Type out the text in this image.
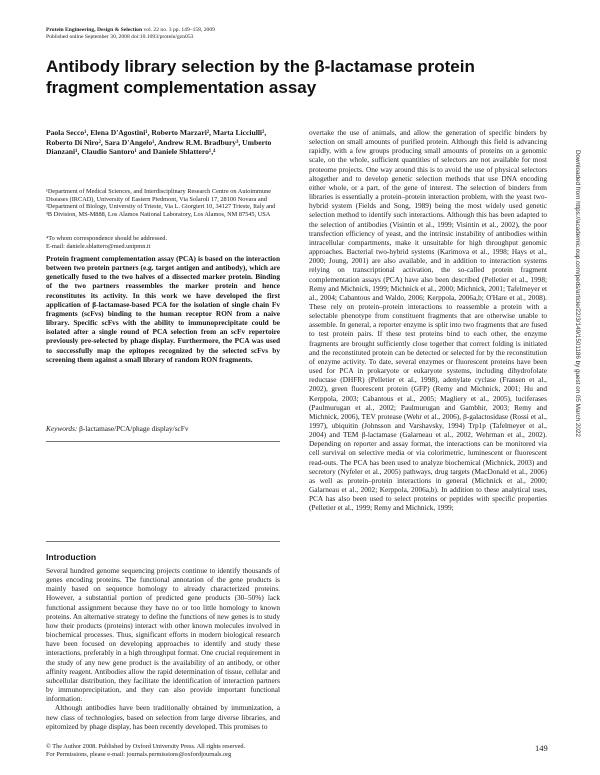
Protein Engineering, Design & Selection vol. 22 no. 3 pp. 149–158, 2009
Published online September 30, 2008 doi:10.1093/protein/gzn053
Antibody library selection by the β-lactamase protein fragment complementation assay
Paola Secco¹, Elena D'Agostini¹, Roberto Marzari², Marta Licciulli², Roberto Di Niro², Sara D'Angelo¹, Andrew R.M. Bradbury³, Umberto Dianzani¹, Claudio Santoro¹ and Daniele Sblattero¹,⁴
¹Department of Medical Sciences, and Interdisciplinary Research Centre on Autoimmune Diseases (IRCAD), University of Eastern Piedmont, Via Solaroli 17, 28100 Novara and ²Department of Biology, University of Trieste, Via L. Giorgieri 10, 34127 Trieste, Italy and ³B Division, MS-M888, Los Alamos National Laboratory, Los Alamos, NM 87545, USA
⁴To whom correspondence should be addressed.
E-mail: daniele.sblattero@med.unipmn.it
Protein fragment complementation assay (PCA) is based on the interaction between two protein partners (e.g. target antigen and antibody), which are genetically fused to the two halves of a dissected marker protein. Binding of the two partners reassembles the marker protein and hence reconstitutes its activity. In this work we have developed the first application of β-lactamase-based PCA for the isolation of single chain Fv fragments (scFvs) binding to the human receptor RON from a naive library. Specific scFvs with the ability to immunoprecipitate could be isolated after a single round of PCA selection from an scFv repertoire previously pre-selected by phage display. Furthermore, the PCA was used to successfully map the epitopes recognized by the selected scFvs by screening them against a small library of random RON fragments.
Keywords: β-lactamase/PCA/phage display/scFv
Introduction

Several hundred genome sequencing projects continue to identify thousands of genes encoding proteins. The functional annotation of the gene products is mainly based on sequence homology to already characterized proteins. However, a substantial portion of predicted gene products (30–50%) lack functional assignment because they have no or too little homology to known proteins. An alternative strategy to define the functions of new genes is to study how their products (proteins) interact with other known molecules involved in biochemical processes. Thus, significant efforts in modern biological research have been focused on developing approaches to identify and study these interactions, preferably in a high throughput format. One crucial requirement in the study of any new gene product is the availability of an antibody, or other affinity reagent. Antibodies allow the rapid determination of tissue, cellular and subcellular distribution, they facilitate the identification of interaction partners by immunoprecipitation, and they can also provide important functional information.

Although antibodies have been traditionally obtained by immunization, a new class of technologies, based on selection from large diverse libraries, and epitomized by phage display, has been recently developed. This promises to

overtake the use of animals, and allow the generation of specific binders by selection on small amounts of purified protein. Although this field is advancing rapidly, with a few groups producing small amounts of proteins on a genomic scale, on the whole, sufficient quantities of selectors are not available for most proteome projects. One way around this is to avoid the use of physical selectors altogether and to develop genetic selection methods that use DNA encoding either whole, or a part, of the gene of interest. The selection of binders from libraries is essentially a protein–protein interaction problem, with the yeast two-hybrid system (Fields and Song, 1989) being the most widely used genetic selection method to identify such interactions. Although this has been adapted to the selection of antibodies (Visintin et al., 1999; Visintin et al., 2002), the poor transfection efficiency of yeast, and the intrinsic instability of antibodies within intracellular compartments, make it unsuitable for high throughput genomic approaches. Bacterial two-hybrid systems (Karimova et al., 1998; Hays et al., 2000; Joung, 2001) are also available, and in addition to interaction systems relying on transcriptional activation, the so-called protein fragment complementation assays (PCA) have also been described (Pelletier et al., 1998; Remy and Michnick, 1999; Michnick et al., 2000; Michnick, 2001; Tafelmeyer et al., 2004; Cabantous and Waldo, 2006; Kerppola, 2006a,b; O'Hare et al., 2008). These rely on protein–protein interactions to reassemble a protein with a selectable phenotype from constituent fragments that are otherwise unable to assemble. In general, a reporter enzyme is split into two fragments that are fused to test protein pairs. If these test proteins bind to each other, the enzyme fragments are brought sufficiently close together that correct folding is initiated and the reconstituted protein can be detected or selected for by the reconstitution of enzyme activity. To date, several enzymes or fluorescent proteins have been used for PCA in prokaryote or eukaryote systems, including dihydrofolate reductase (DHFR) (Pelletier et al., 1998), adenylate cyclase (Fransen et al., 2002), green fluorescent protein (GFP) (Remy and Michnick, 2001; Hu and Kerppola, 2003; Cabantous et al., 2005; Magliery et al., 2005), luciferases (Paulmurugan et al., 2002; Paulmurugan and Gambhir, 2003; Remy and Michnick, 2006), TEV protease (Wehr et al., 2006), β-galactosidase (Rossi et al., 1997), ubiquitin (Johnsson and Varshavsky, 1994) Trp1p (Tafelmeyer et al., 2004) and TEM β-lactamase (Galarneau et al., 2002, Wehrman et al., 2002). Depending on reporter and assay format, the interactions can be monitored via cell survival on selective media or via colorimetric, luminescent or fluorescent read-outs. The PCA has been used to analyze biochemical (Michnick, 2003) and secretory (Nyfeler et al., 2005) pathways, drug targets (MacDonald et al., 2006) as well as protein–protein interactions in general (Michnick et al., 2000; Galarneau et al., 2002; Kerppola, 2006a,b). In addition to these analytical uses, PCA has also been used to select proteins or peptides with specific properties (Pelletier et al., 1999; Remy and Michnick, 1999;
© The Author 2008. Published by Oxford University Press. All rights reserved.
For Permissions, please e-mail: journals.permissions@oxfordjournals.org
149
Downloaded from https://academic.oup.com/peds/article/22/3/149/1501186 by guest on 05 March 2022
